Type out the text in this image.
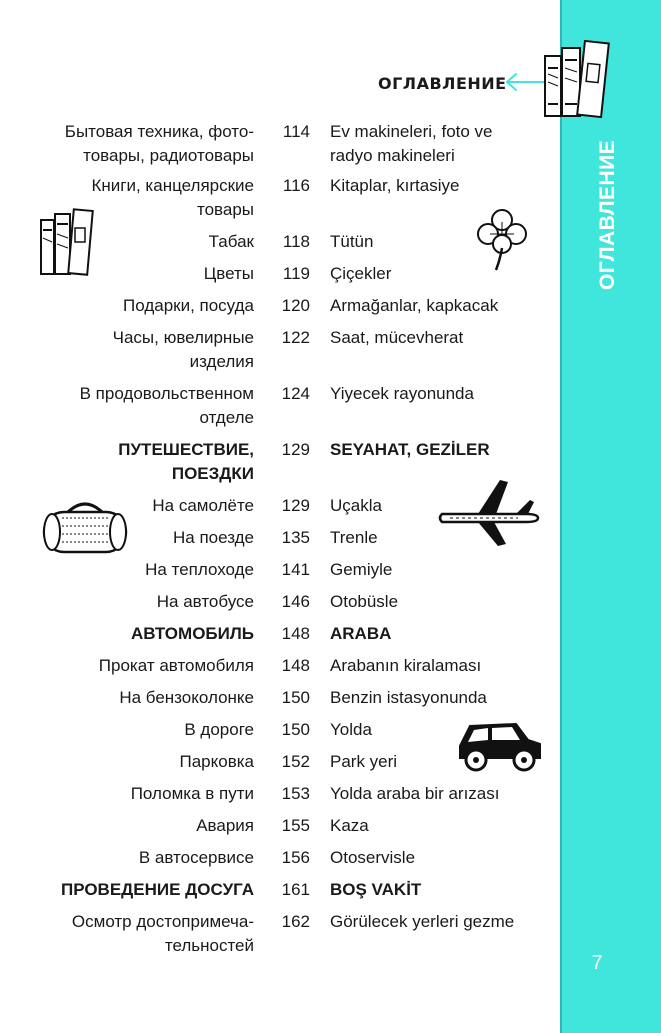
ОГЛАВЛЕНИЕ
7
ОГЛАВЛЕНИЕ
Бытовая техника, фото-
товары, радиотовары
114 Ev makineleri, foto ve
radyo makineleri
Книги, канцелярские
товары
116 Kitaplar, kırtasiye
Табак	118 Tütün
Цветы	119 Çiçekler
Подарки, посуда	120 Armağanlar, kapkacak
Часы, ювелирные
изделия
122 Saat, mücevherat
В продовольственном
отделе
124 Yiyecek rayonunda
ПУТЕШЕСТВИЕ,
ПОЕЗДКИ
129 SEYAHAT, GEZİLER
На самолёте	129 Uçakla
На поезде	135 Trenle
На теплоходе	141 Gemiyle
На автобусе	146 Otobüsle
АВТОМОБИЛЬ	148 ARABA
Прокат автомобиля	148 Arabanın kiralaması
На бензоколонке	150 Benzin istasyonunda
В дороге	150 Yolda
Парковка	152 Park yeri
Поломка в пути	153 Yolda araba bir arızası
Авария	155 Kaza
В автосервисе	156 Otoservisle
ПРОВЕДЕНИЕ ДОСУГА	161 BOŞ VAKİT
Осмотр достопримеча-
тельностей
162 Görülecek yerleri gezme
